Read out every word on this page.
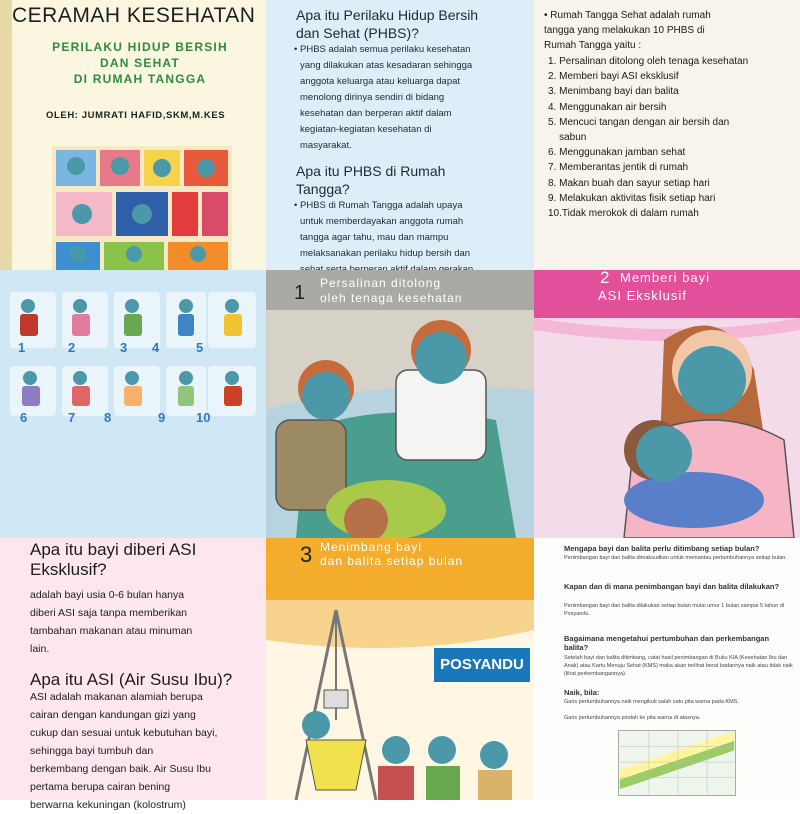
CERAMAH KESEHATAN
PERILAKU HIDUP BERSIH
DAN SEHAT
DI RUMAH TANGGA
OLEH: JUMRATI HAFID,SKM,M.KES
Apa itu Perilaku Hidup Bersih
dan Sehat (PHBS)?
• PHBS adalah semua perilaku kesehatan
yang dilakukan atas kesadaran sehingga
anggota keluarga atau keluarga dapat
menolong dirinya sendiri di bidang
kesehatan dan berperan aktif dalam
kegiatan-kegiatan kesehatan di
masyarakat.
Apa itu PHBS di Rumah
Tangga?
• PHBS di Rumah Tangga adalah upaya
untuk memberdayakan anggota rumah
tangga agar tahu, mau dan mampu
melaksanakan perilaku hidup bersih dan

• Rumah Tangga Sehat adalah rumah
tangga yang melakukan 10 PHBS di
Rumah Tangga yaitu :
1. Persalinan ditolong oleh tenaga kesehatan
2. Memberi bayi ASI eksklusif
3. Menimbang bayi dan balita
4. Menggunakan air bersih
5. Mencuci tangan dengan air bersih dan
sabun
6. Menggunakan jamban sehat
7. Memberantas jentik di rumah
8. Makan buah dan sayur setiap hari
9. Melakukan aktivitas fisik setiap hari
10.Tidak merokok di dalam rumah
1	2	3 4	5
6	7 8	9 10
1 Persalinan ditolong
oleh tenaga kesehatan
2 Memberi bayi
ASI Eksklusif
Apa itu bayi diberi ASI
Eksklusif?
adalah bayi usia 0-6 bulan hanya
diberi ASI saja tanpa memberikan
tambahan makanan atau minuman
lain.
Apa itu ASI (Air Susu Ibu)?
ASI adalah makanan alamiah berupa
cairan dengan kandungan gizi yang
cukup dan sesuai untuk kebutuhan bayi,
sehingga bayi tumbuh dan
berkembang dengan baik. Air Susu Ibu
pertama berupa cairan bening
berwarna kekuningan (kolostrum)
3 Menimbang bayi
dan balita setiap bulan
POSYANDU
Mengapa bayi dan balita perlu ditimbang setiap bulan?
Penimbangan bayi dan balita dimaksudkan untuk memantau pertumbuhannya setiap bulan.
Kapan dan di mana penimbangan bayi dan balita dilakukan?
Penimbangan bayi dan balita dilakukan setiap bulan mulai umur 1 bulan sampai 5 tahun di Posyandu.
Bagaimana mengetahui pertumbuhan dan perkembangan balita?
Setelah bayi dan balita ditimbang, catat hasil penimbangan di Buku KIA (Kesehatan Ibu dan Anak) atau Kartu Menuju Sehat (KMS) maka akan terlihat berat badannya naik atau tidak naik (lihat perkembangannya).
Naik, bila:
Garis pertumbuhannya naik mengikuti salah satu pita warna pada KMS.
Garis pertumbuhannya pindah ke pita warna di atasnya.
